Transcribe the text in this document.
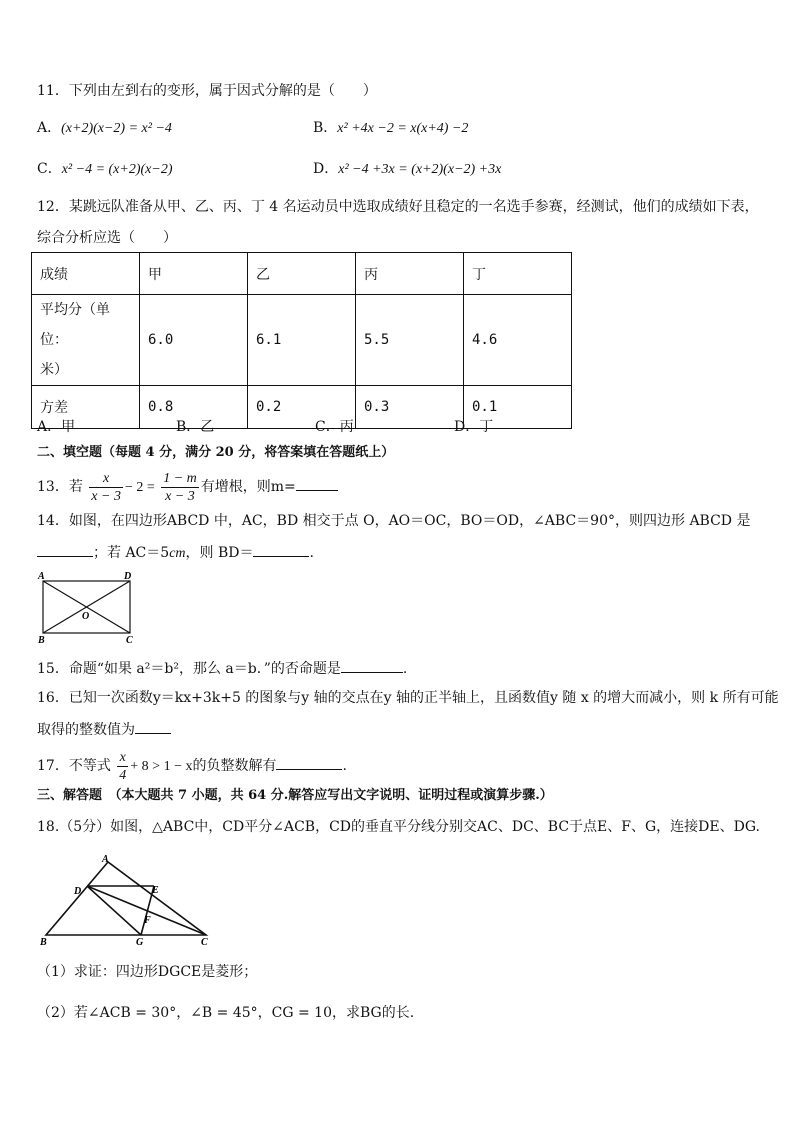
11．下列由左到右的变形，属于因式分解的是（　　）
A．(x+2)(x−2) = x² −4	B．x² +4x −2 = x(x+4) −2
C．x² −4 = (x+2)(x−2)	D．x² −4 +3x = (x+2)(x−2) +3x
12．某跳远队准备从甲、乙、丙、丁 4 名运动员中选取成绩好且稳定的一名选手参赛，经测试，他们的成绩如下表，
综合分析应选（　　）
成绩	甲	乙	丙	丁
平均分（单位：
米）	6.0	6.1	5.5	4.6
方差	0.8	0.2	0.3	0.1
A．甲	B．乙	C．丙	D．丁
二、填空题（每题 4 分，满分 20 分，将答案填在答题纸上）
13．若 $\frac{x}{x - 3} - 2 = \frac{1 - m}{x - 3}$ 有增根，则m=
14．如图，在四边形ABCD 中，AC，BD 相交于点 O，AO＝OC，BO＝OD，∠ABC＝90°，则四边形 ABCD 是
；若 AC＝5cm，则 BD＝	.
A	D
B	C
O
15．命题“如果 a²＝b²，那么 a＝b．”的否命题是	.
16．已知一次函数y＝kx+3k+5 的图象与y 轴的交点在y 轴的正半轴上，且函数值y 随 x 的增大而减小，则 k 所有可能
取得的整数值为
17．不等式 $\frac{x}{4} + 8 > 1 - x$的负整数解有	.
三、解答题　（本大题共 7 小题，共 64 分.解答应写出文字说明、证明过程或演算步骤.）
18.（5分）如图，△ABC中，CD平分∠ACB，CD的垂直平分线分别交AC、DC、BC于点E、F、G，连接DE、DG.
A
D	E
F
B	G	C
（1）求证：四边形DGCE是菱形；
（2）若∠ACB = 30°，∠B = 45°，CG = 10，求BG的长.
